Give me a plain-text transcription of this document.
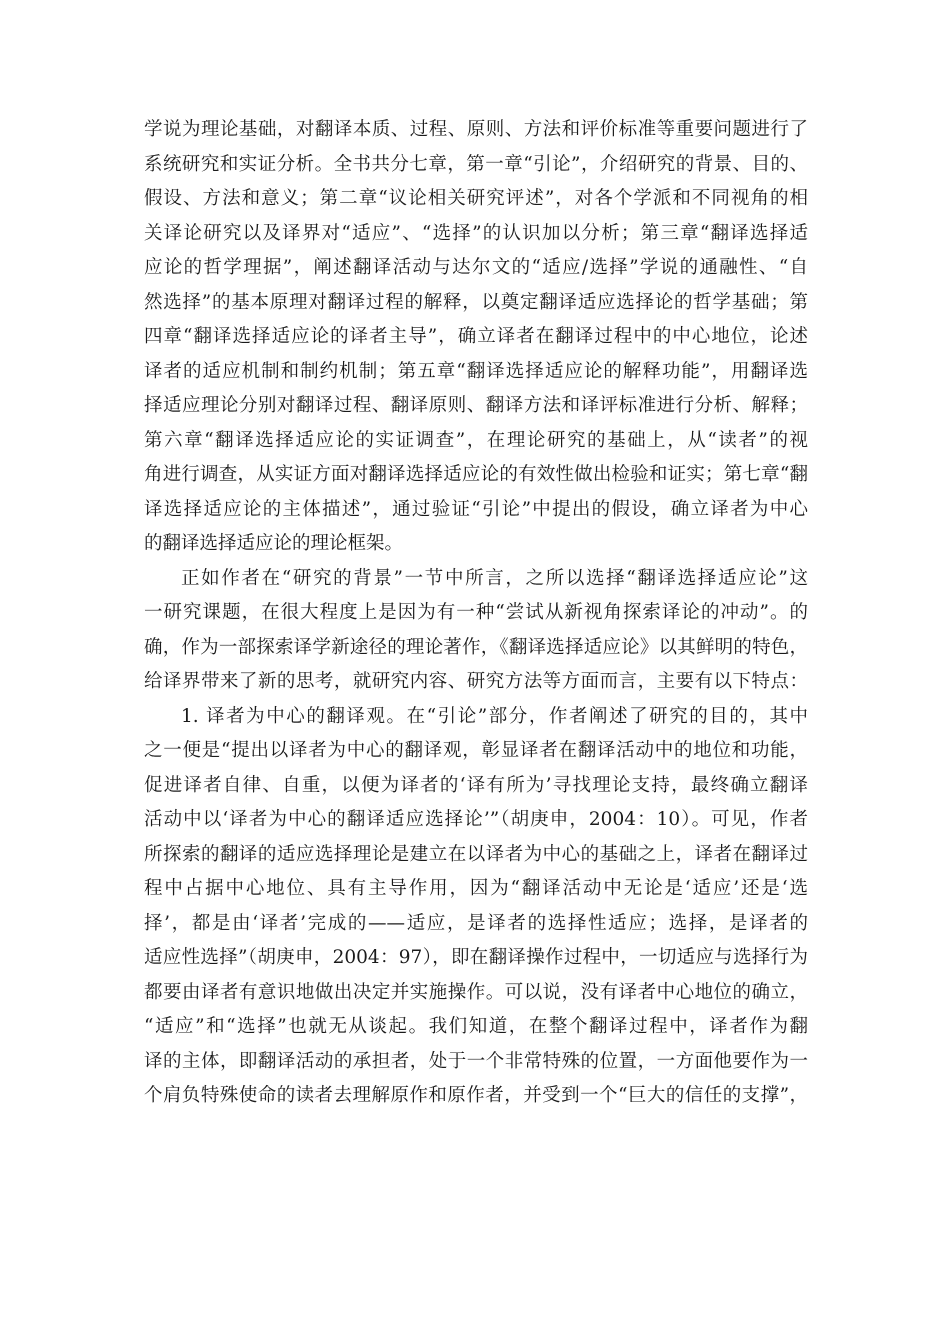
学说为理论基础，对翻译本质、过程、原则、方法和评价标准等重要问题进行了
系统研究和实证分析。全书共分七章，第一章“引论”，介绍研究的背景、目的、
假设、方法和意义；第二章“议论相关研究评述”，对各个学派和不同视角的相
关译论研究以及译界对“适应”、“选择”的认识加以分析；第三章“翻译选择适
应论的哲学理据”，阐述翻译活动与达尔文的“适应/选择”学说的通融性、“自
然选择”的基本原理对翻译过程的解释，以奠定翻译适应选择论的哲学基础；第
四章“翻译选择适应论的译者主导”，确立译者在翻译过程中的中心地位，论述
译者的适应机制和制约机制；第五章“翻译选择适应论的解释功能”，用翻译选
择适应理论分别对翻译过程、翻译原则、翻译方法和译评标准进行分析、解释；
第六章“翻译选择适应论的实证调查”，在理论研究的基础上，从“读者”的视
角进行调查，从实证方面对翻译选择适应论的有效性做出检验和证实；第七章“翻
译选择适应论的主体描述”，通过验证“引论”中提出的假设，确立译者为中心
的翻译选择适应论的理论框架。
正如作者在“研究的背景”一节中所言，之所以选择“翻译选择适应论”这
一研究课题，在很大程度上是因为有一种“尝试从新视角探索译论的冲动”。的
确，作为一部探索译学新途径的理论著作，《翻译选择适应论》以其鲜明的特色，
给译界带来了新的思考，就研究内容、研究方法等方面而言，主要有以下特点：
1. 译者为中心的翻译观。在“引论”部分，作者阐述了研究的目的，其中
之一便是“提出以译者为中心的翻译观，彰显译者在翻译活动中的地位和功能，
促进译者自律、自重，以便为译者的‘译有所为’寻找理论支持，最终确立翻译
活动中以‘译者为中心的翻译适应选择论’”（胡庚申，2004：10）。可见，作者
所探索的翻译的适应选择理论是建立在以译者为中心的基础之上，译者在翻译过
程中占据中心地位、具有主导作用，因为“翻译活动中无论是‘适应’还是‘选
择’，都是由‘译者’完成的——适应，是译者的选择性适应；选择，是译者的
适应性选择”（胡庚申，2004：97），即在翻译操作过程中，一切适应与选择行为
都要由译者有意识地做出决定并实施操作。可以说，没有译者中心地位的确立，
“适应”和“选择”也就无从谈起。我们知道，在整个翻译过程中，译者作为翻
译的主体，即翻译活动的承担者，处于一个非常特殊的位置，一方面他要作为一
个肩负特殊使命的读者去理解原作和原作者，并受到一个“巨大的信任的支撑”，
